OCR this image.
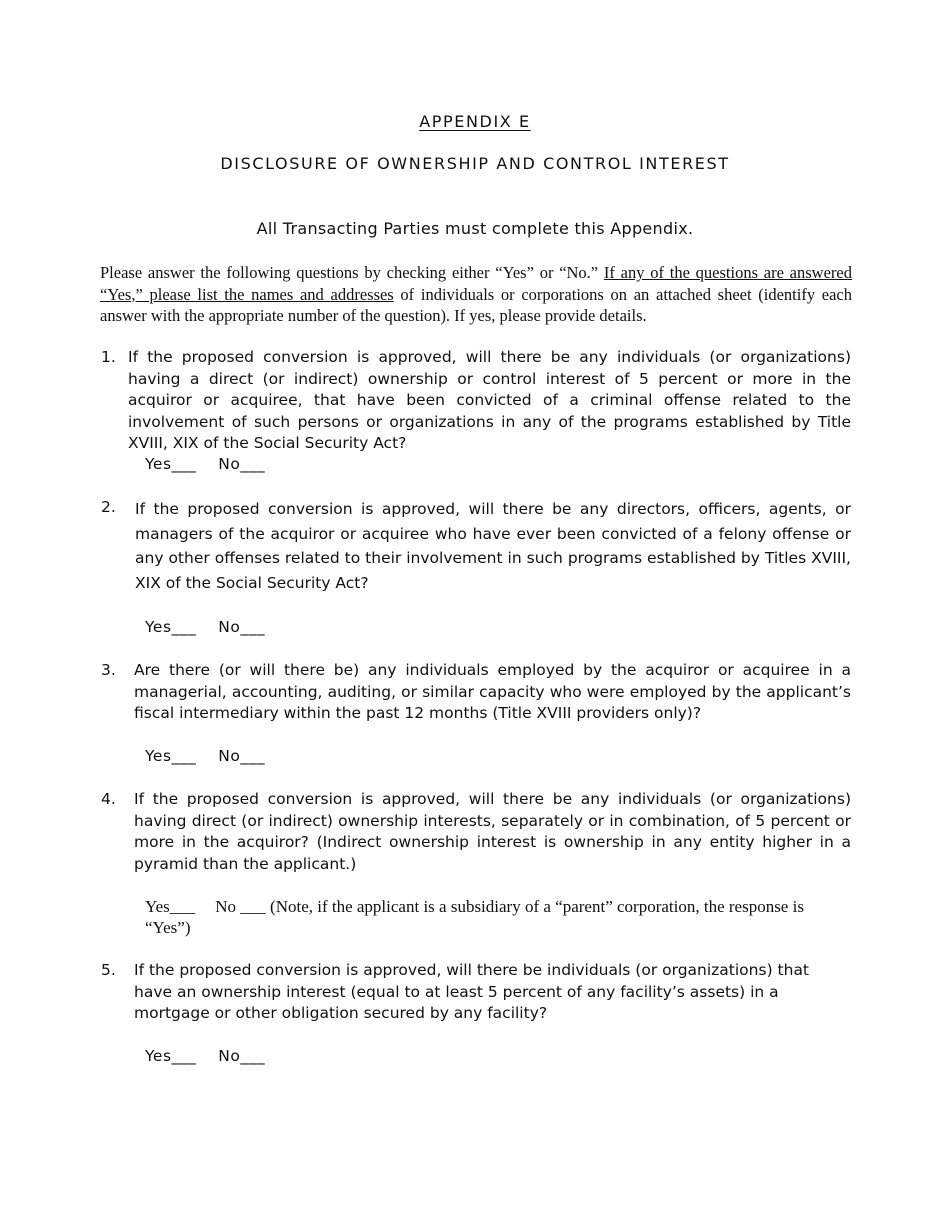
APPENDIX E
DISCLOSURE OF OWNERSHIP AND CONTROL INTEREST
All Transacting Parties must complete this Appendix.
Please answer the following questions by checking either “Yes” or “No.” If any of the questions are answered “Yes,” please list the names and addresses of individuals or corporations on an attached sheet (identify each answer with the appropriate number of the question). If yes, please provide details.
1. If the proposed conversion is approved, will there be any individuals (or organizations) having a direct (or indirect) ownership or control interest of 5 percent or more in the acquiror or acquiree, that have been convicted of a criminal offense related to the involvement of such persons or organizations in any of the programs established by Title XVIII, XIX of the Social Security Act?
Yes___ No___
2. If the proposed conversion is approved, will there be any directors, officers, agents, or managers of the acquiror or acquiree who have ever been convicted of a felony offense or any other offenses related to their involvement in such programs established by Titles XVIII, XIX of the Social Security Act?
Yes___ No___
3. Are there (or will there be) any individuals employed by the acquiror or acquiree in a managerial, accounting, auditing, or similar capacity who were employed by the applicant’s fiscal intermediary within the past 12 months (Title XVIII providers only)?
Yes___ No___
4. If the proposed conversion is approved, will there be any individuals (or organizations) having direct (or indirect) ownership interests, separately or in combination, of 5 percent or more in the acquiror? (Indirect ownership interest is ownership in any entity higher in a pyramid than the applicant.)
Yes___ No ___ (Note, if the applicant is a subsidiary of a “parent” corporation, the response is “Yes”)
5. If the proposed conversion is approved, will there be individuals (or organizations) that have an ownership interest (equal to at least 5 percent of any facility’s assets) in a mortgage or other obligation secured by any facility?
Yes___ No___
